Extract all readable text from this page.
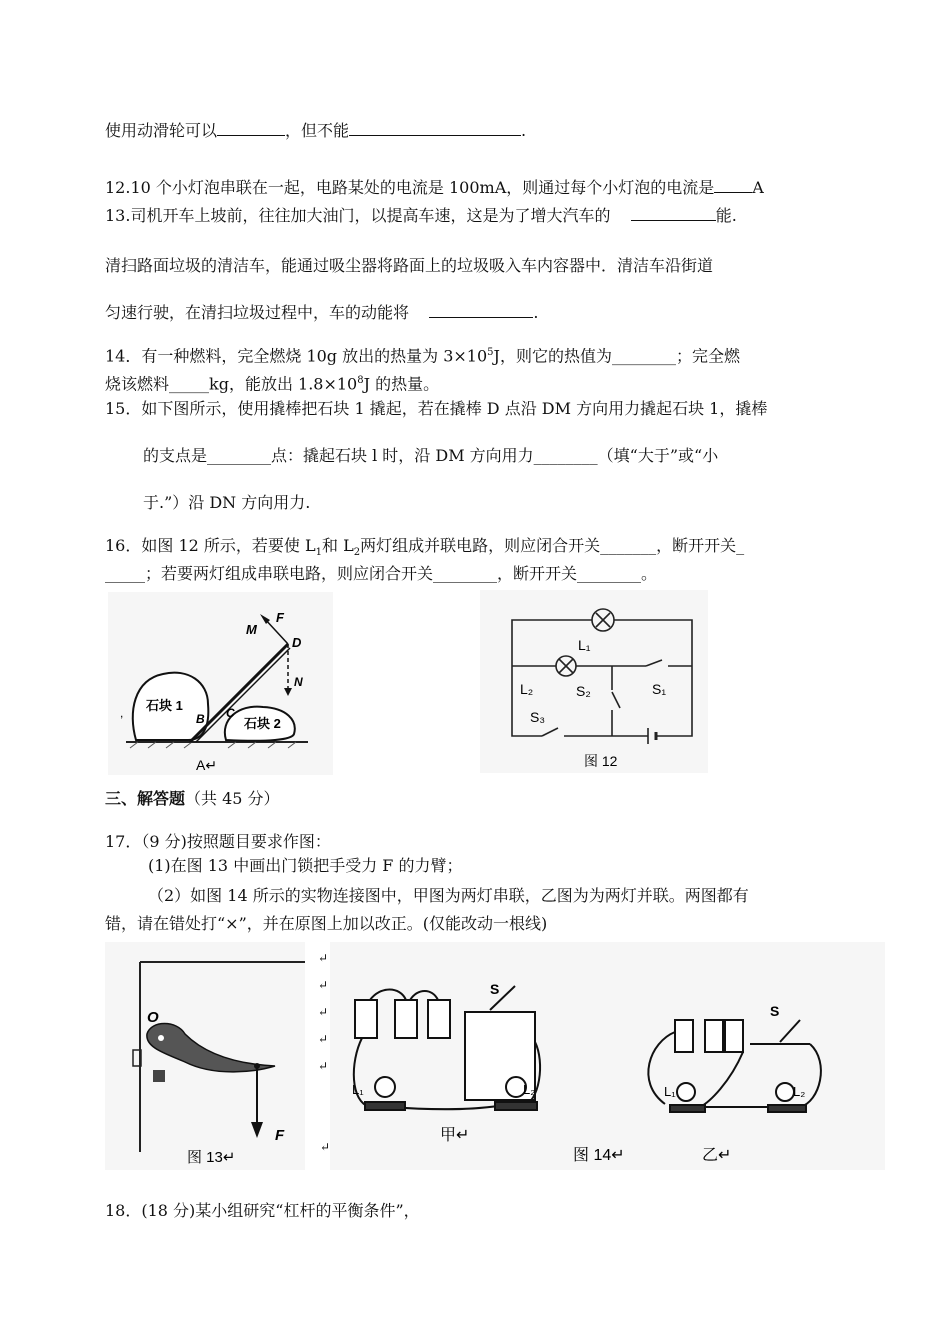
使用动滑轮可以	，但不能	.
12.10 个小灯泡串联在一起，电路某处的电流是 100mA，则通过每个小灯泡的电流是 A
13.司机开车上坡前，往往加大油门，以提高车速，这是为了增大汽车的	能.
清扫路面垃圾的清洁车，能通过吸尘器将路面上的垃圾吸入车内容器中．清洁车沿街道
匀速行驶，在清扫垃圾过程中，车的动能将	.
14．有一种燃料，完全燃烧 10g 放出的热量为 $3\times 10^5J$，则它的热值为________；完全燃
烧该燃料_____kg，能放出 $1.8\times 10^8J$ 的热量。
15．如下图所示，使用撬棒把石块 1 撬起，若在撬棒 D 点沿 DM 方向用力撬起石块 1，撬棒
的支点是________点：撬起石块 l 时，沿 DM 方向用力________（填“大于”或“小
于.”）沿 DN 方向用力.
16．如图 12 所示，若要使 $L_1$和 $L_2$两灯组成并联电路，则应闭合开关_______，断开开关_
_____；若要两灯组成串联电路，则应闭合开关________，断开开关________。
F
M
D
N
B C
A↵
石块 1
石块 2
,
L₁
L₂	S₂	S₁
S₃
图 12
三、解答题（共 45 分）
17．（9 分)按照题目要求作图：
(1)在图 13 中画出门锁把手受力 F 的力臂；
（2）如图 14 所示的实物连接图中，甲图为两灯串联，乙图为为两灯并联。两图都有
错，请在错处打“×”，并在原图上加以改正。(仅能改动一根线)
O
F
图 13↵
↵
↵
↵
↵
↵
↵
L₁	L₂
S
甲↵
图 14↵
L₁	L₂
S
乙↵
18．(18 分)某小组研究“杠杆的平衡条件”，
